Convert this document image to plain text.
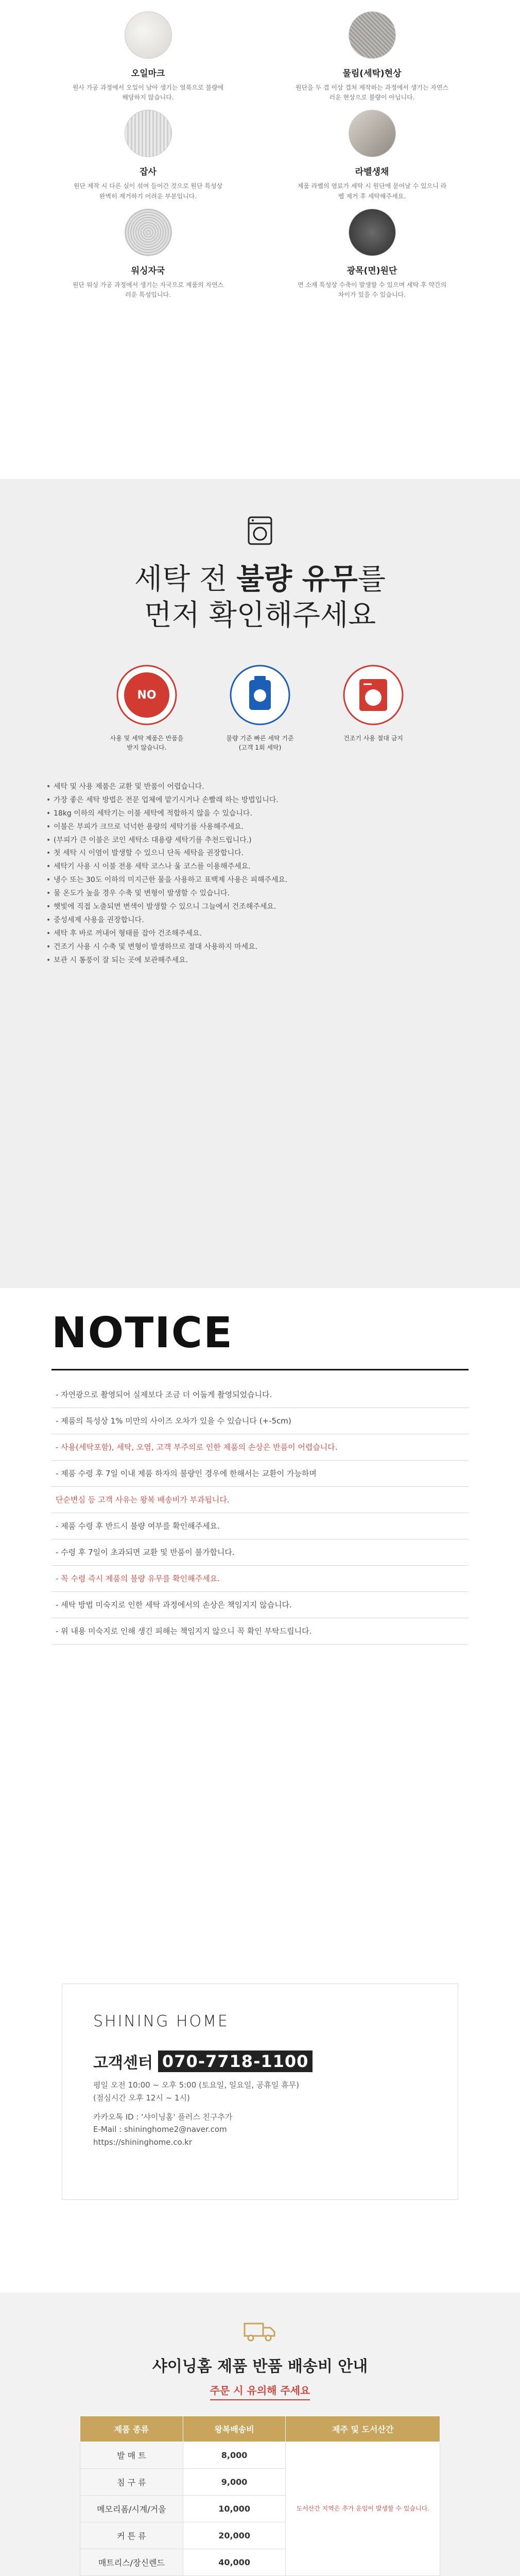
오일마크
원사 가공 과정에서 오일이 남아 생기는 얼룩으로 불량에 해당하지 않습니다.
물림(세탁)현상
원단을 두 겹 이상 겹쳐 제작하는 과정에서 생기는 자연스러운 현상으로 불량이 아닙니다.
잡사
원단 제작 시 다른 실이 섞여 들어간 것으로 원단 특성상 완벽히 제거하기 어려운 부분입니다.
라벨생채
제품 라벨의 염료가 세탁 시 원단에 묻어날 수 있으니 라벨 제거 후 세탁해주세요.
워싱자국
원단 워싱 가공 과정에서 생기는 자국으로 제품의 자연스러운 특성입니다.
광목(면)원단
면 소재 특성상 수축이 발생할 수 있으며 세탁 후 약간의 차이가 있을 수 있습니다.
세탁 전 불량 유무를
먼저 확인해주세요
NO
사용 및 세탁 제품은 반품을 받지 않습니다.
물량 기준 빠른 세탁 기준 (고객 1회 세탁)
건조기 사용 절대 금지
• 세탁 및 사용 제품은 교환 및 반품이 어렵습니다.
• 가장 좋은 세탁 방법은 전문 업체에 맡기시거나 손빨래 하는 방법입니다.
• 18kg 이하의 세탁기는 이불 세탁에 적합하지 않을 수 있습니다.
• 이불은 부피가 크므로 넉넉한 용량의 세탁기를 사용해주세요.
• (부피가 큰 이불은 코인 세탁소 대용량 세탁기를 추천드립니다.)
• 첫 세탁 시 이염이 발생할 수 있으니 단독 세탁을 권장합니다.
• 세탁기 사용 시 이불 전용 세탁 코스나 울 코스를 이용해주세요.
• 냉수 또는 30도 이하의 미지근한 물을 사용하고 표백제 사용은 피해주세요.
• 물 온도가 높을 경우 수축 및 변형이 발생할 수 있습니다.
• 햇빛에 직접 노출되면 변색이 발생할 수 있으니 그늘에서 건조해주세요.
• 중성세제 사용을 권장합니다.
• 세탁 후 바로 꺼내어 형태를 잡아 건조해주세요.
• 건조기 사용 시 수축 및 변형이 발생하므로 절대 사용하지 마세요.
• 보관 시 통풍이 잘 되는 곳에 보관해주세요.
NOTICE
- 자연광으로 촬영되어 실제보다 조금 더 어둡게 촬영되었습니다.
- 제품의 특성상 1% 미만의 사이즈 오차가 있을 수 있습니다 (+-5cm)
- 사용(세탁포함), 세탁, 오염, 고객 부주의로 인한 제품의 손상은 반품이 어렵습니다.
- 제품 수령 후 7일 이내 제품 하자의 불량인 경우에 한해서는 교환이 가능하며
단순변심 등 고객 사유는 왕복 배송비가 부과됩니다.
- 제품 수령 후 반드시 불량 여부를 확인해주세요.
- 수령 후 7일이 초과되면 교환 및 반품이 불가합니다.
- 꼭 수령 즉시 제품의 불량 유무를 확인해주세요.
- 세탁 방법 미숙지로 인한 세탁 과정에서의 손상은 책임지지 않습니다.
- 위 내용 미숙지로 인해 생긴 피해는 책임지지 않으니 꼭 확인 부탁드립니다.
SHINING HOME
고객센터 070-7718-1100
평일 오전 10:00 ~ 오후 5:00 (토요일, 일요일, 공휴일 휴무)
(점심시간 오후 12시 ~ 1시)
카카오톡 ID : '샤이닝홈' 플러스 친구추가
E-Mail : shininghome2@naver.com
https://shininghome.co.kr
샤이닝홈 제품 반품 배송비 안내
주문 시 유의해 주세요
제품 종류	왕복배송비	제주 및 도서산간
발 매 트	8,000	도서산간 지역은 추가 운임이 발생할 수 있습니다.
침 구 류	9,000	
메모리폼/시계/거울	10,000	
커 튼 류	20,000	
매트리스/장신렌드	40,000	
